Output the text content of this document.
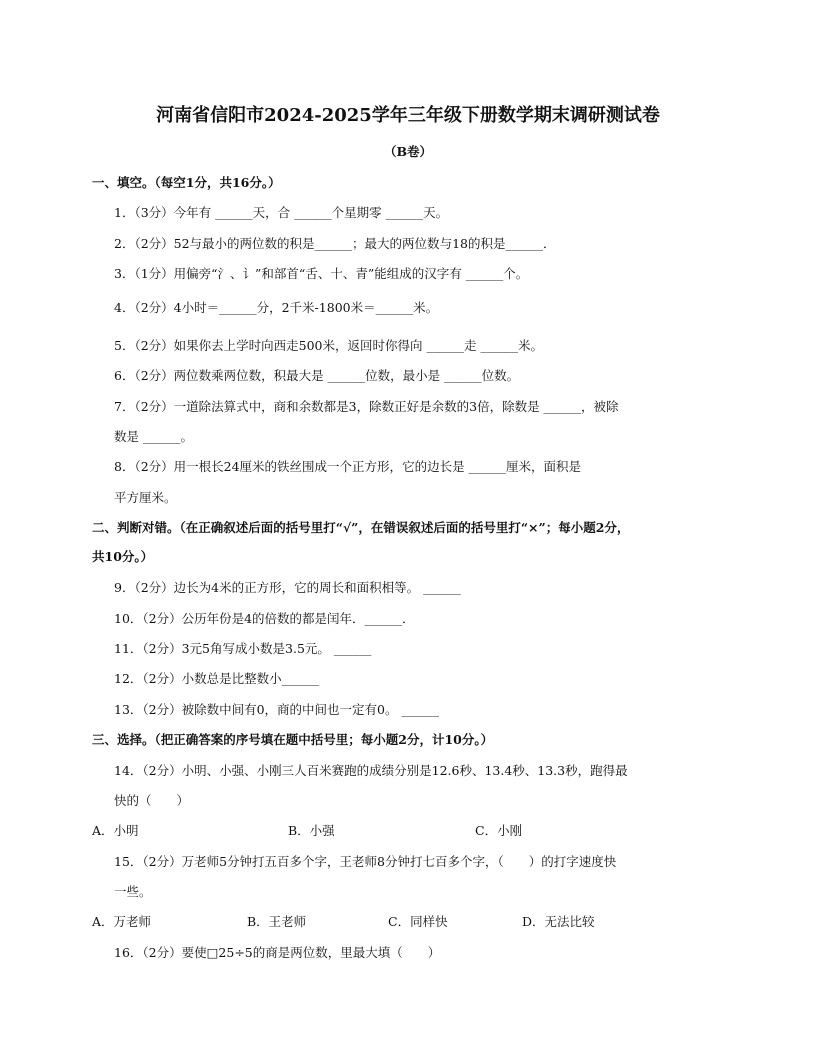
河南省信阳市2024-2025学年三年级下册数学期末调研测试卷
（B卷）
一、填空。（每空1分，共16分。）
1．（3分）今年有 ______天，合 ______个星期零 ______天。
2．（2分）52与最小的两位数的积是______；最大的两位数与18的积是______．
3．（1分）用偏旁“氵、讠”和部首“舌、十、青”能组成的汉字有 ______个。
4．（2分）4小时＝______分，2千米-1800米＝______米。
5．（2分）如果你去上学时向西走500米，返回时你得向 ______走 ______米。
6．（2分）两位数乘两位数，积最大是 ______位数，最小是 ______位数。
7．（2分）一道除法算式中，商和余数都是3，除数正好是余数的3倍，除数是 ______，被除
数是 ______。
8．（2分）用一根长24厘米的铁丝围成一个正方形，它的边长是 ______厘米，面积是
平方厘米。
二、判断对错。（在正确叙述后面的括号里打“√”，在错误叙述后面的括号里打“×”；每小题2分，
共10分。）
9．（2分）边长为4米的正方形，它的周长和面积相等。 ______
10．（2分）公历年份是4的倍数的都是闰年．______．
11．（2分）3元5角写成小数是3.5元。 ______
12．（2分）小数总是比整数小______
13．（2分）被除数中间有0，商的中间也一定有0。 ______
三、选择。（把正确答案的序号填在题中括号里；每小题2分，计10分。）
14．（2分）小明、小强、小刚三人百米赛跑的成绩分别是12.6秒、13.4秒、13.3秒，跑得最
快的（　　）
A．小明	B．小强	C．小刚
15．（2分）万老师5分钟打五百多个字，王老师8分钟打七百多个字，（　　）的打字速度快
一些。
A．万老师	B．王老师	C．同样快	D．无法比较
16．（2分）要使□25÷5的商是两位数，里最大填（　　）
